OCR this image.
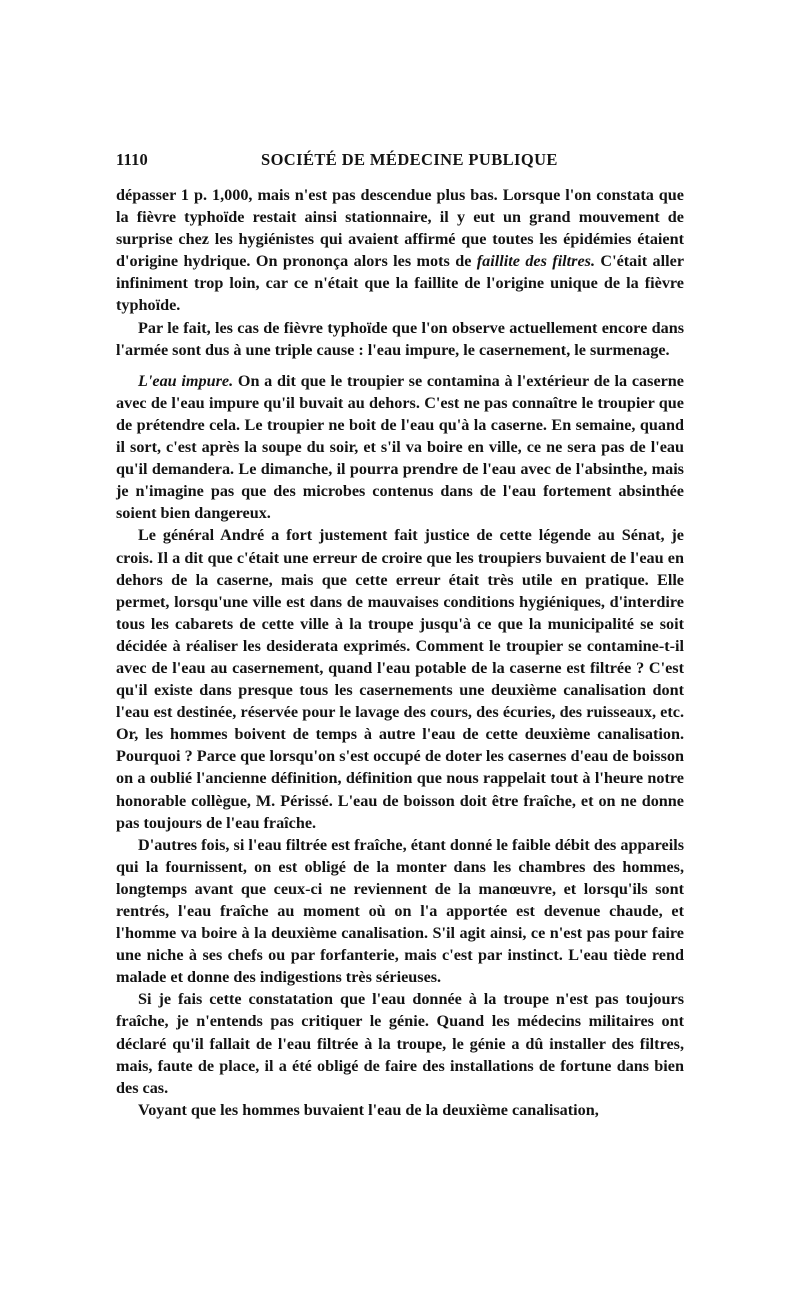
1110	SOCIÉTÉ DE MÉDECINE PUBLIQUE

dépasser 1 p. 1,000, mais n'est pas descendue plus bas. Lorsque l'on constata que la fièvre typhoïde restait ainsi stationnaire, il y eut un grand mouvement de surprise chez les hygiénistes qui avaient affirmé que toutes les épidémies étaient d'origine hydrique. On prononça alors les mots de faillite des filtres. C'était aller infiniment trop loin, car ce n'était que la faillite de l'origine unique de la fièvre typhoïde.

Par le fait, les cas de fièvre typhoïde que l'on observe actuellement encore dans l'armée sont dus à une triple cause : l'eau impure, le casernement, le surmenage.

L'eau impure. On a dit que le troupier se contamina à l'extérieur de la caserne avec de l'eau impure qu'il buvait au dehors. C'est ne pas connaître le troupier que de prétendre cela. Le troupier ne boit de l'eau qu'à la caserne. En semaine, quand il sort, c'est après la soupe du soir, et s'il va boire en ville, ce ne sera pas de l'eau qu'il demandera. Le dimanche, il pourra prendre de l'eau avec de l'absinthe, mais je n'imagine pas que des microbes contenus dans de l'eau fortement absinthée soient bien dangereux.

Le général André a fort justement fait justice de cette légende au Sénat, je crois. Il a dit que c'était une erreur de croire que les troupiers buvaient de l'eau en dehors de la caserne, mais que cette erreur était très utile en pratique. Elle permet, lorsqu'une ville est dans de mauvaises conditions hygiéniques, d'interdire tous les cabarets de cette ville à la troupe jusqu'à ce que la municipalité se soit décidée à réaliser les desiderata exprimés. Comment le troupier se contamine-t-il avec de l'eau au casernement, quand l'eau potable de la caserne est filtrée ? C'est qu'il existe dans presque tous les casernements une deuxième canalisation dont l'eau est destinée, réservée pour le lavage des cours, des écuries, des ruisseaux, etc. Or, les hommes boivent de temps à autre l'eau de cette deuxième canalisation. Pourquoi ? Parce que lorsqu'on s'est occupé de doter les casernes d'eau de boisson on a oublié l'ancienne définition, définition que nous rappelait tout à l'heure notre honorable collègue, M. Périssé. L'eau de boisson doit être fraîche, et on ne donne pas toujours de l'eau fraîche.

D'autres fois, si l'eau filtrée est fraîche, étant donné le faible débit des appareils qui la fournissent, on est obligé de la monter dans les chambres des hommes, longtemps avant que ceux-ci ne reviennent de la manœuvre, et lorsqu'ils sont rentrés, l'eau fraîche au moment où on l'a apportée est devenue chaude, et l'homme va boire à la deuxième canalisation. S'il agit ainsi, ce n'est pas pour faire une niche à ses chefs ou par forfanterie, mais c'est par instinct. L'eau tiède rend malade et donne des indigestions très sérieuses.

Si je fais cette constatation que l'eau donnée à la troupe n'est pas toujours fraîche, je n'entends pas critiquer le génie. Quand les médecins militaires ont déclaré qu'il fallait de l'eau filtrée à la troupe, le génie a dû installer des filtres, mais, faute de place, il a été obligé de faire des installations de fortune dans bien des cas.

Voyant que les hommes buvaient l'eau de la deuxième canalisation,
